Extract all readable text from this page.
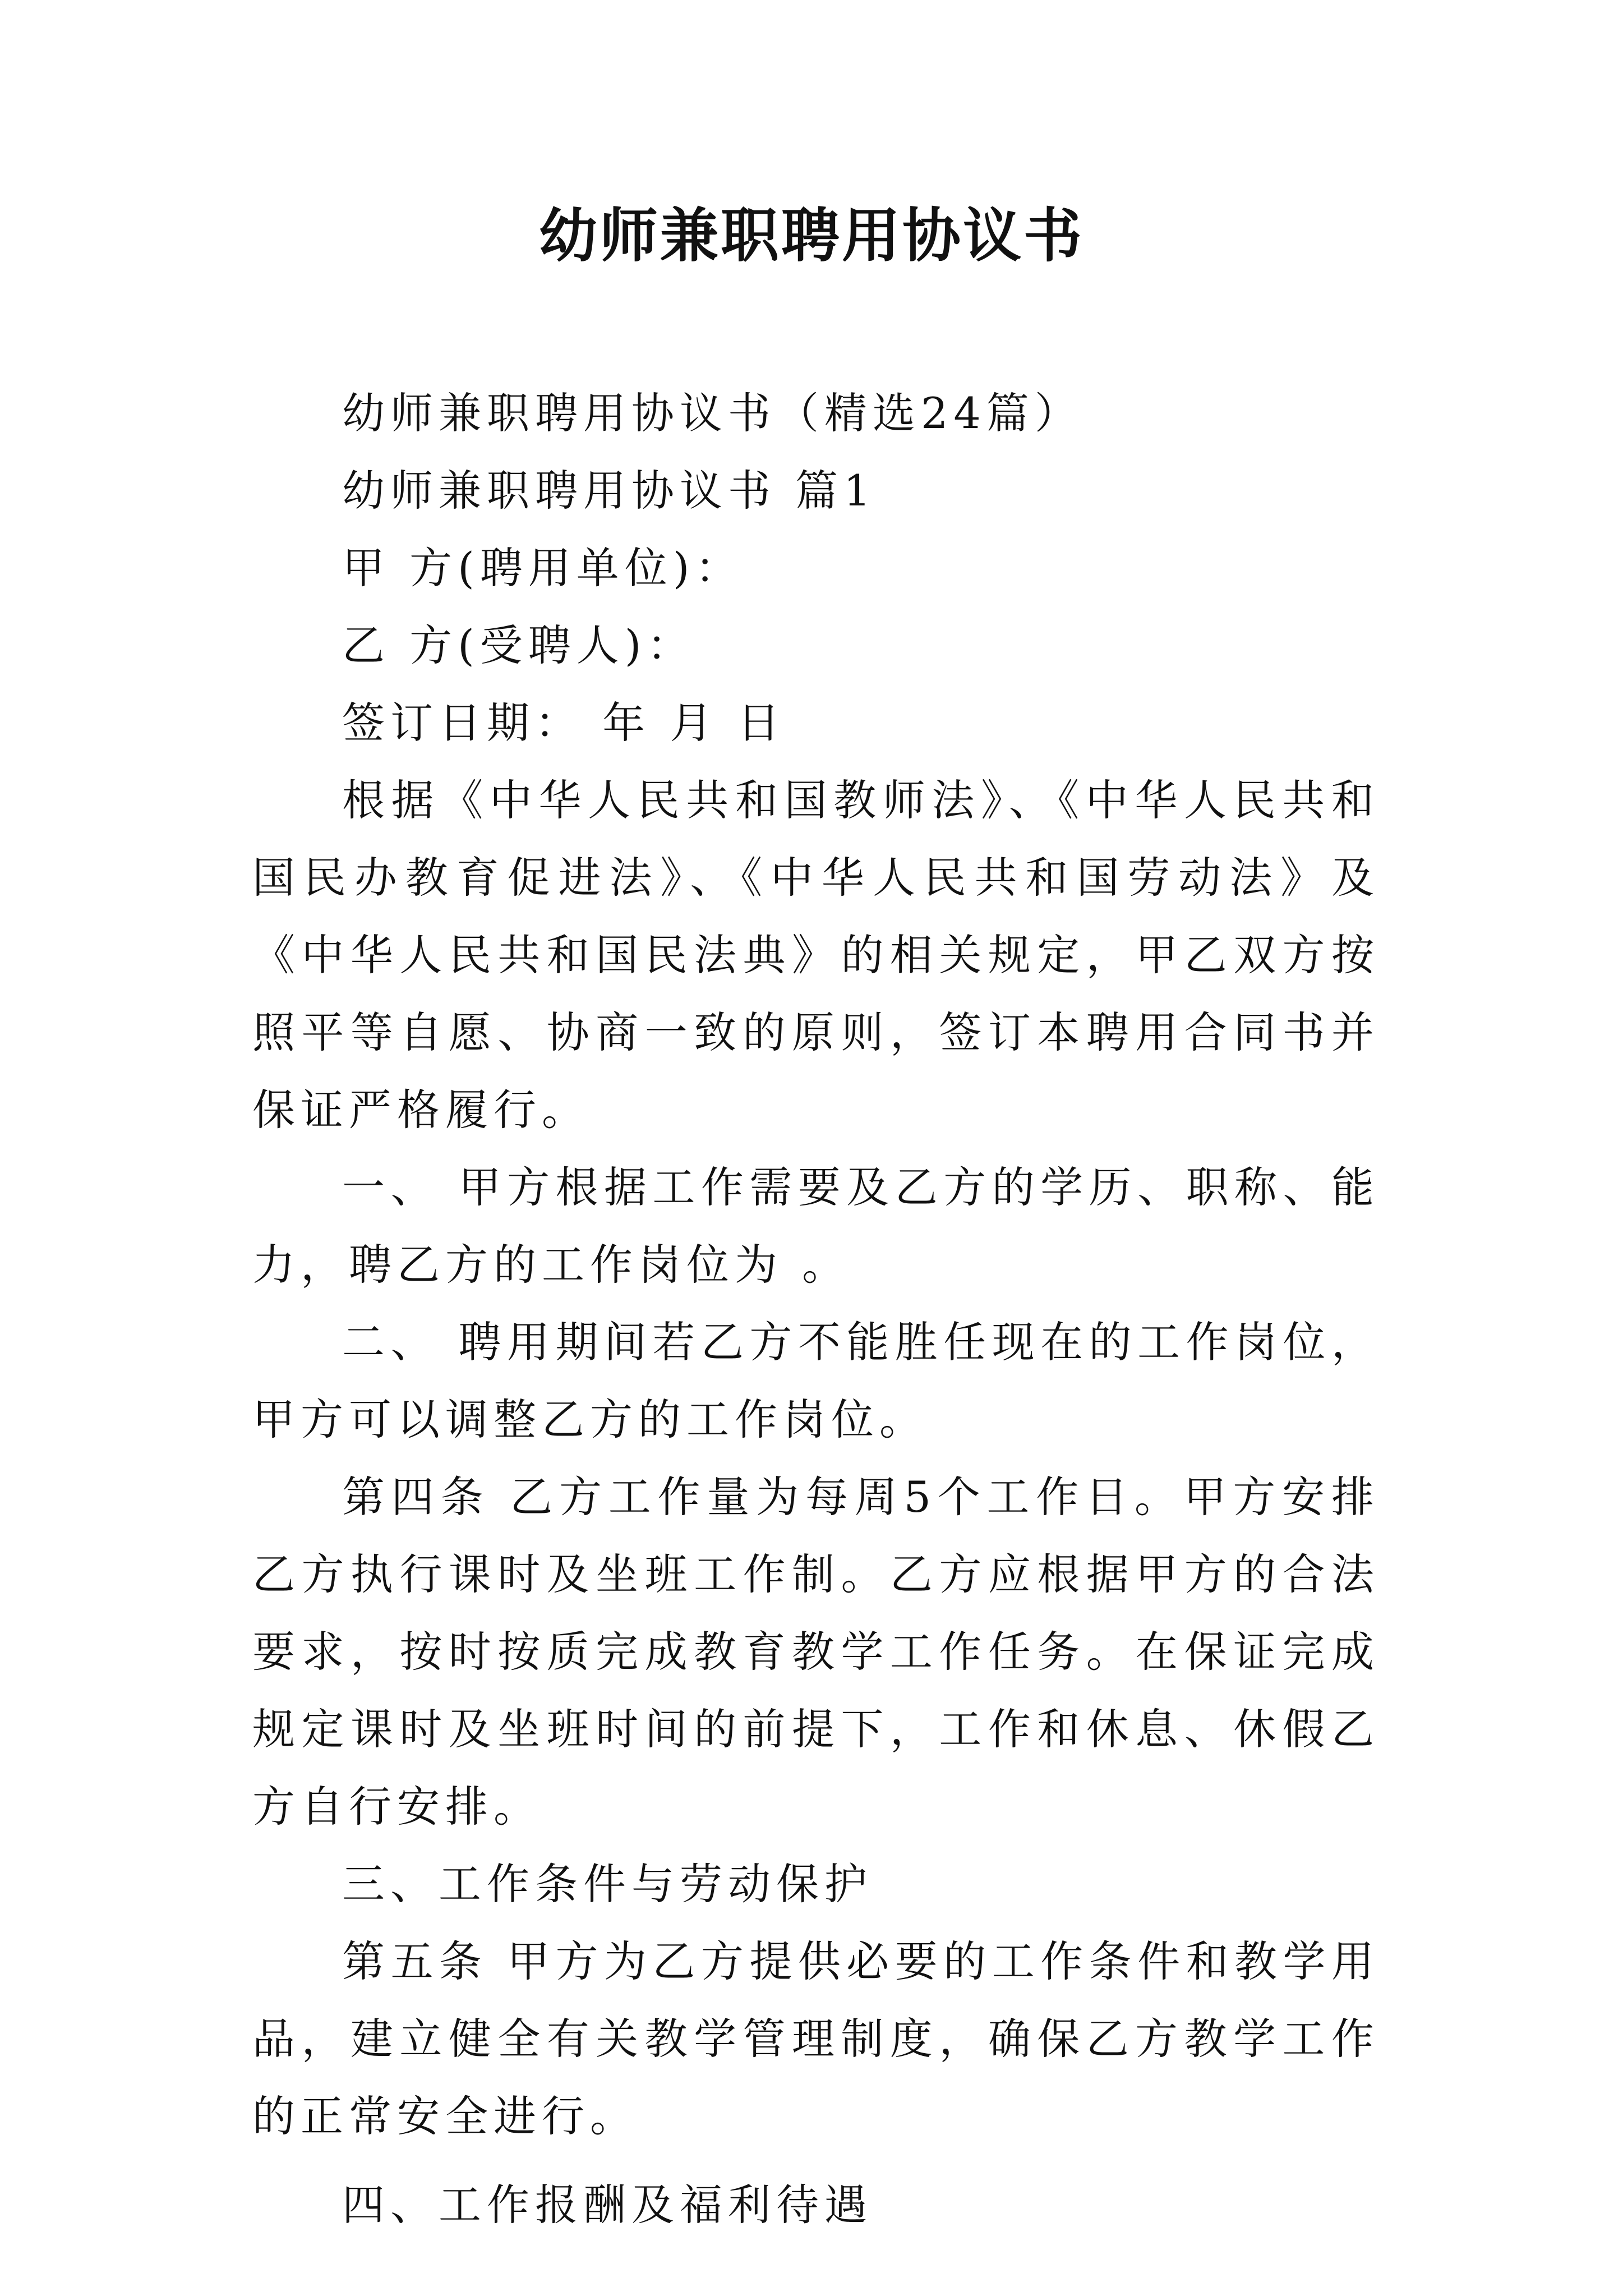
幼师兼职聘用协议书

幼师兼职聘用协议书（精选24篇）

幼师兼职聘用协议书 篇1

甲 方(聘用单位)：

乙 方(受聘人)：

签订日期： 年 月 日

根据《中华人民共和国教师法》、《中华人民共和国民办教育促进法》、《中华人民共和国劳动法》及《中华人民共和国民法典》的相关规定，甲乙双方按照平等自愿、协商一致的原则，签订本聘用合同书并保证严格履行。

一、 甲方根据工作需要及乙方的学历、职称、能力，聘乙方的工作岗位为 。

二、 聘用期间若乙方不能胜任现在的工作岗位，甲方可以调整乙方的工作岗位。

第四条 乙方工作量为每周5个工作日。甲方安排乙方执行课时及坐班工作制。乙方应根据甲方的合法要求，按时按质完成教育教学工作任务。在保证完成规定课时及坐班时间的前提下，工作和休息、休假乙方自行安排。

三、工作条件与劳动保护

第五条 甲方为乙方提供必要的工作条件和教学用品，建立健全有关教学管理制度，确保乙方教学工作的正常安全进行。

四、工作报酬及福利待遇
